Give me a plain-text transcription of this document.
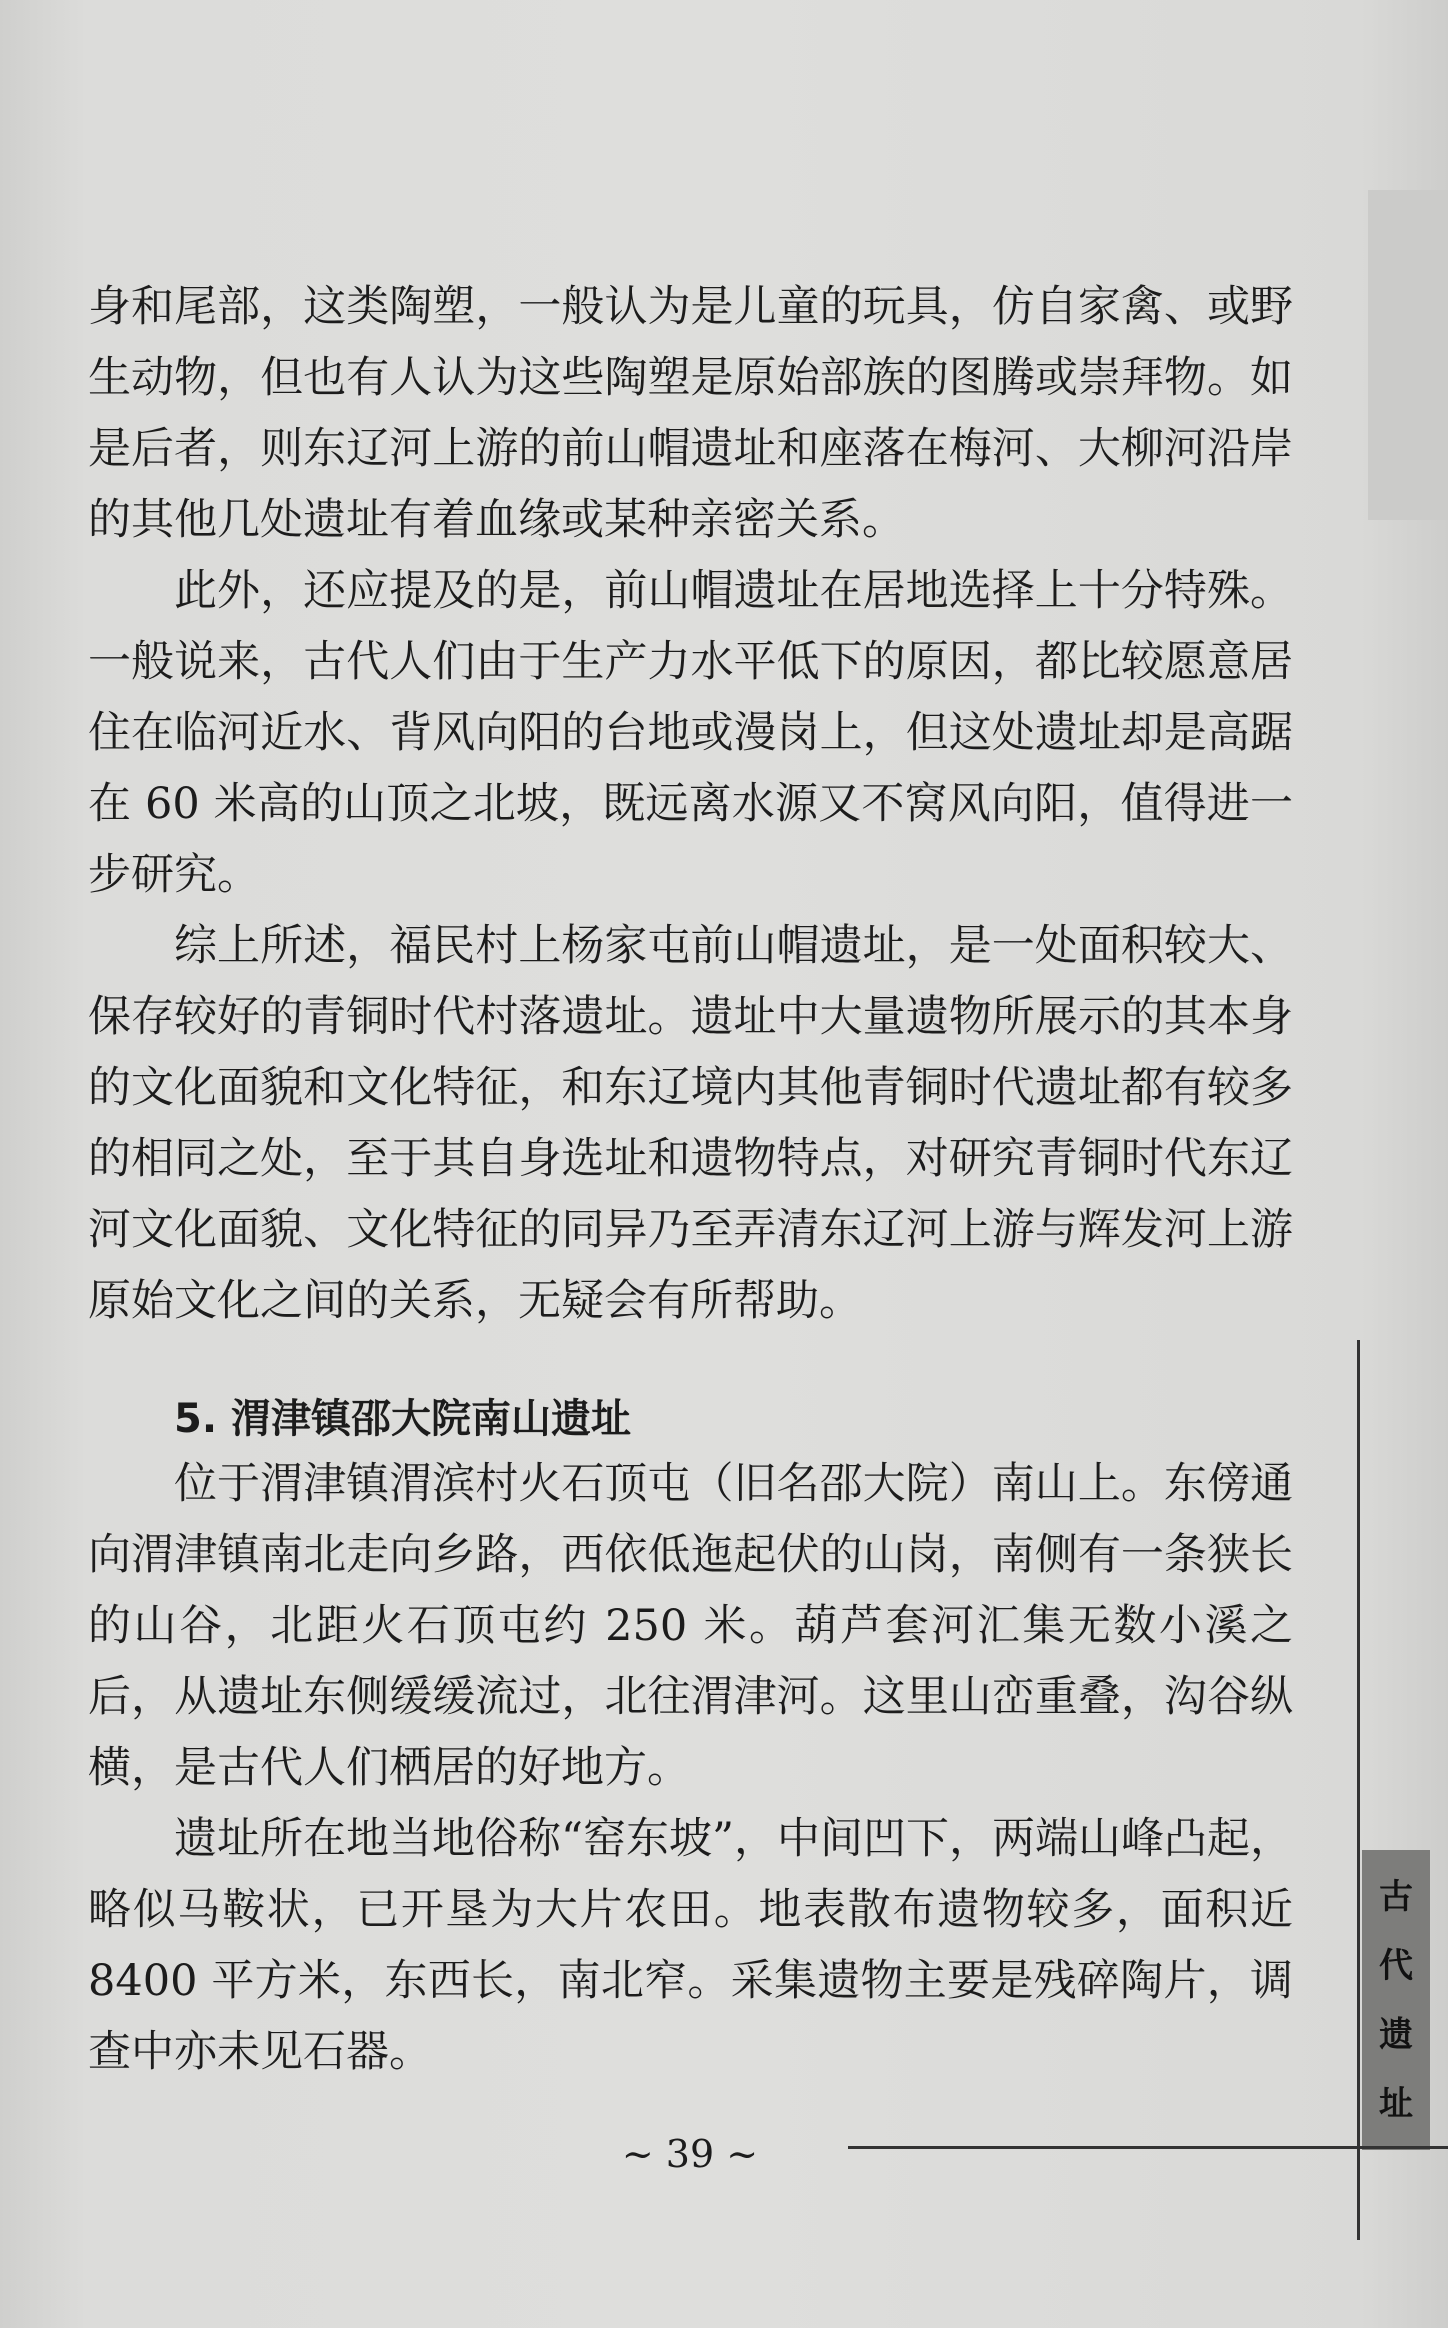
身和尾部，这类陶塑，一般认为是儿童的玩具，仿自家禽、或野生动物，但也有人认为这些陶塑是原始部族的图腾或崇拜物。如是后者，则东辽河上游的前山帽遗址和座落在梅河、大柳河沿岸的其他几处遗址有着血缘或某种亲密关系。

此外，还应提及的是，前山帽遗址在居地选择上十分特殊。一般说来，古代人们由于生产力水平低下的原因，都比较愿意居住在临河近水、背风向阳的台地或漫岗上，但这处遗址却是高踞在 60 米高的山顶之北坡，既远离水源又不窝风向阳，值得进一步研究。

综上所述，福民村上杨家屯前山帽遗址，是一处面积较大、保存较好的青铜时代村落遗址。遗址中大量遗物所展示的其本身的文化面貌和文化特征，和东辽境内其他青铜时代遗址都有较多的相同之处，至于其自身选址和遗物特点，对研究青铜时代东辽河文化面貌、文化特征的同异乃至弄清东辽河上游与辉发河上游原始文化之间的关系，无疑会有所帮助。

5. 渭津镇邵大院南山遗址

位于渭津镇渭滨村火石顶屯（旧名邵大院）南山上。东傍通向渭津镇南北走向乡路，西依低迤起伏的山岗，南侧有一条狭长的山谷，北距火石顶屯约 250 米。葫芦套河汇集无数小溪之后，从遗址东侧缓缓流过，北往渭津河。这里山峦重叠，沟谷纵横，是古代人们栖居的好地方。

遗址所在地当地俗称“窑东坡”，中间凹下，两端山峰凸起，略似马鞍状，已开垦为大片农田。地表散布遗物较多，面积近 8400 平方米，东西长，南北窄。采集遗物主要是残碎陶片，调查中亦未见石器。

古
代
遗
址
~ 39 ~
